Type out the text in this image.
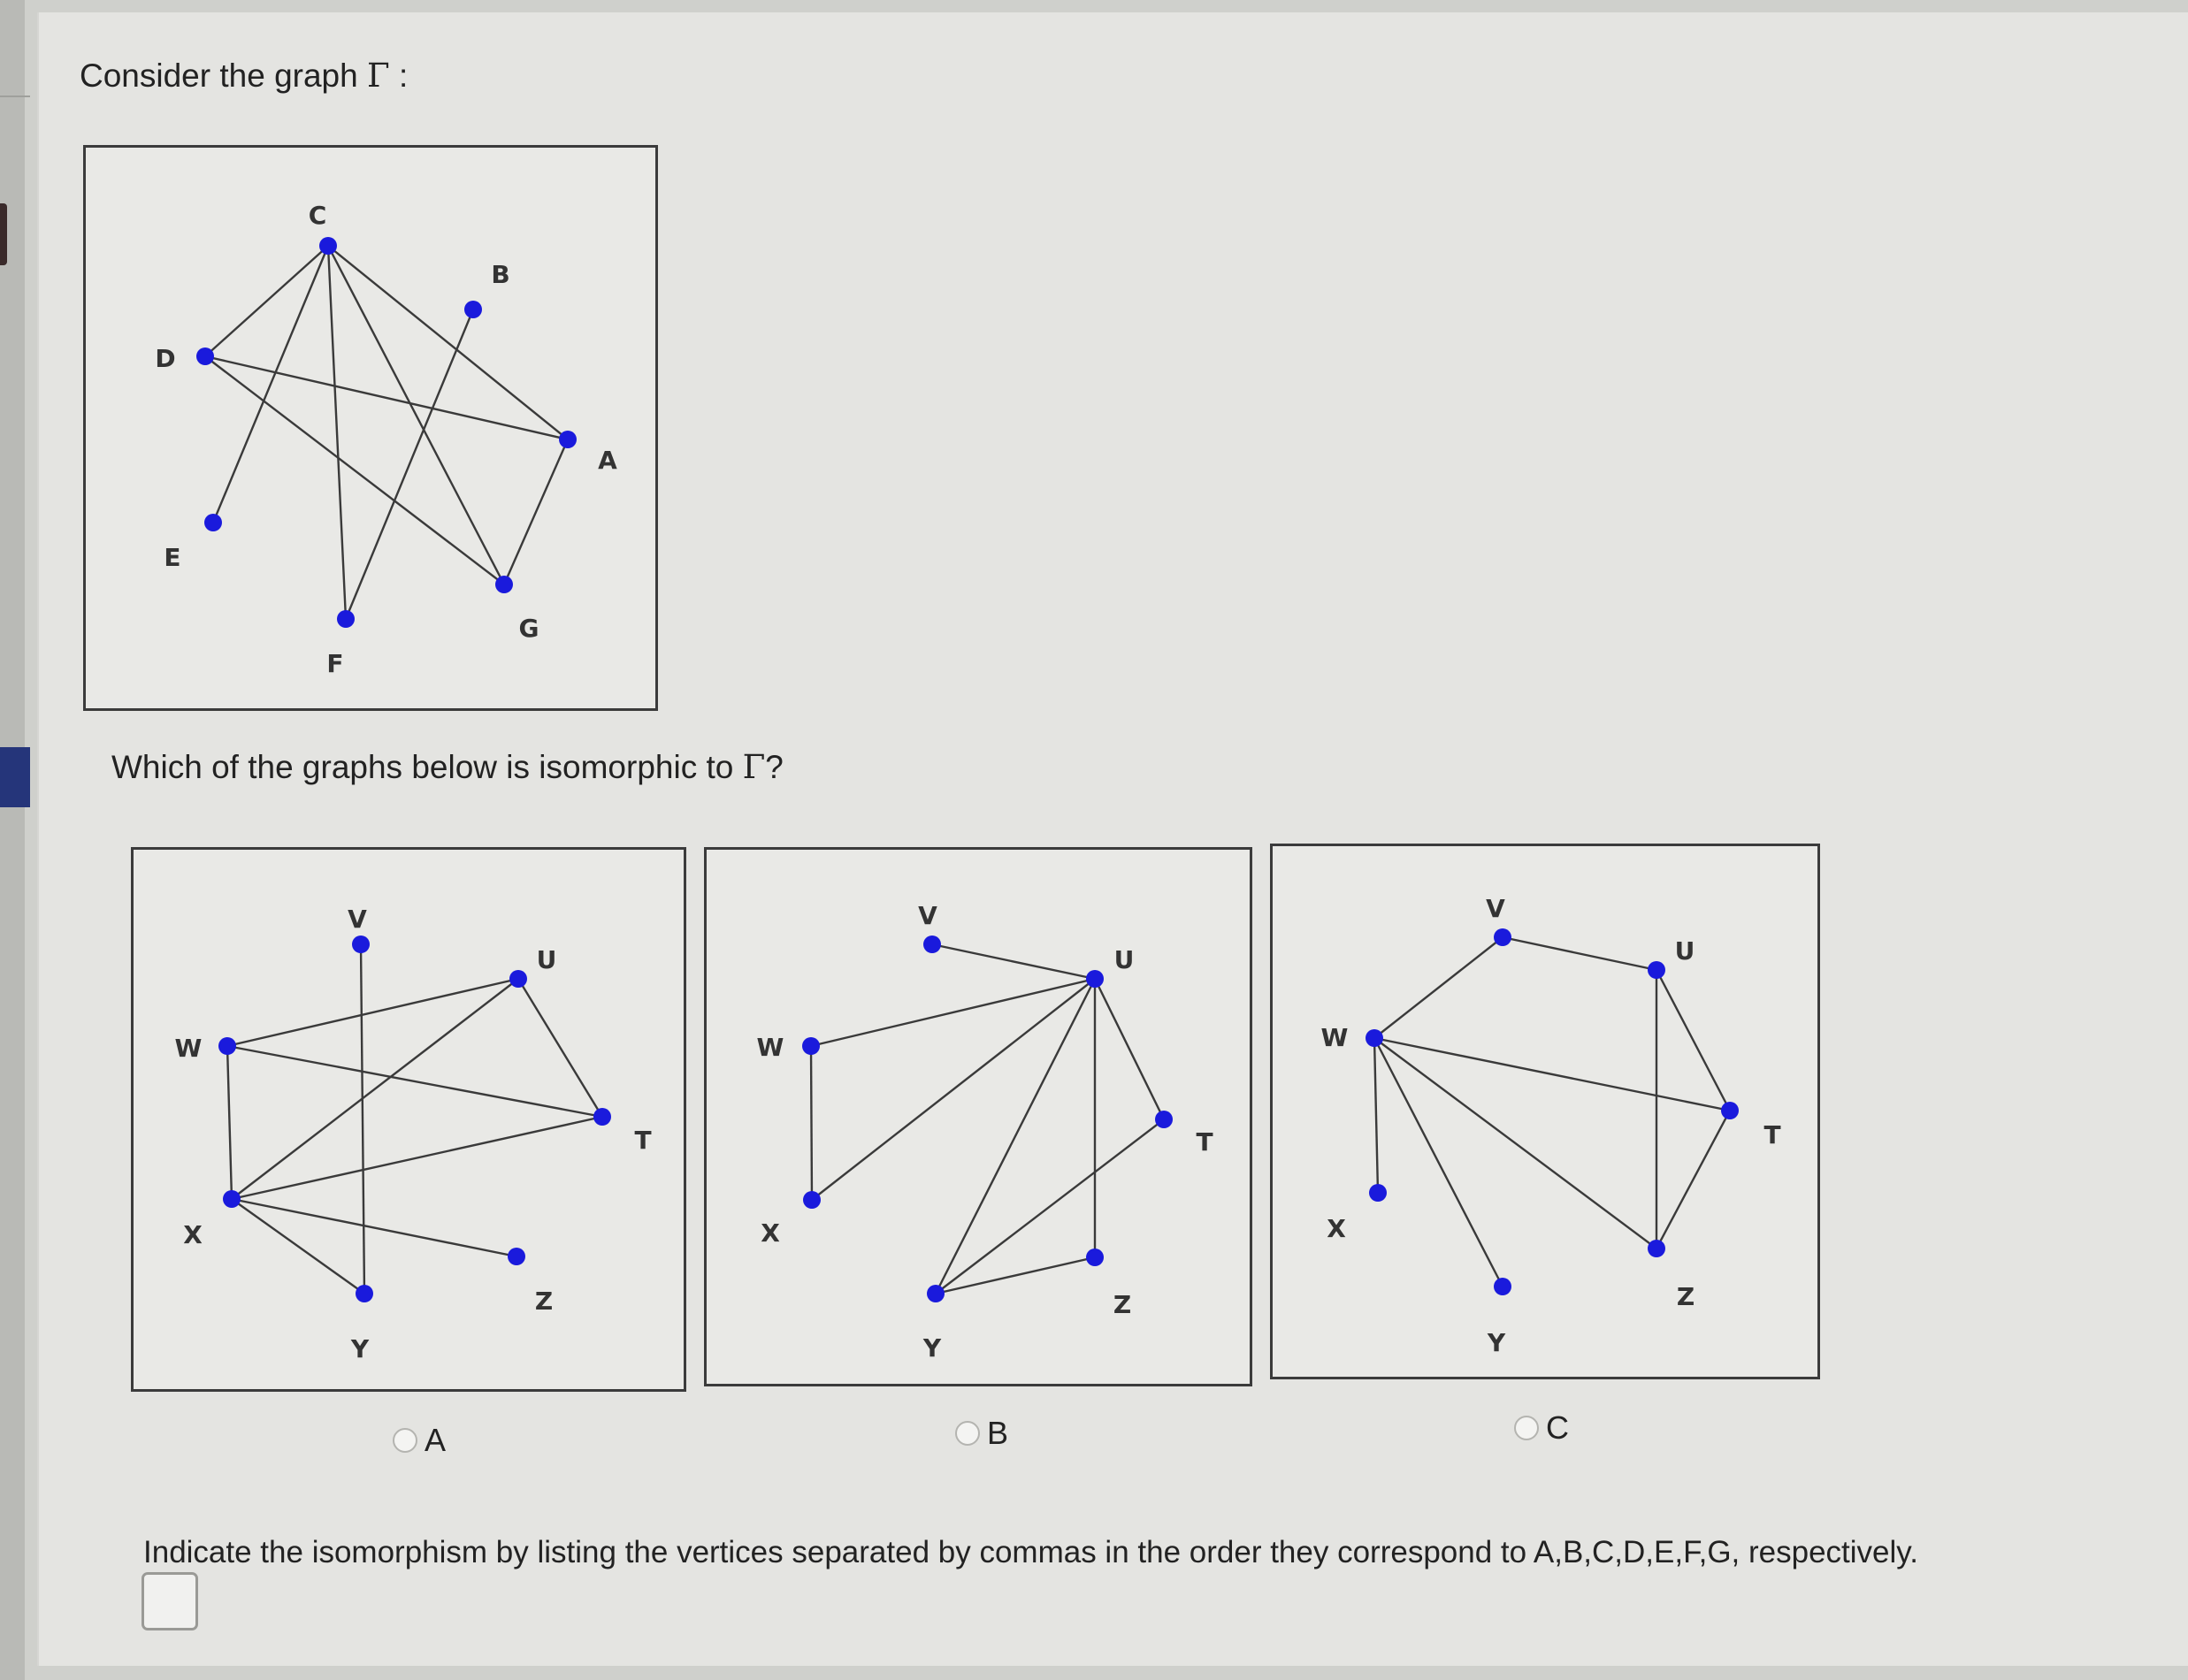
Consider the graph Γ :
A
B
C
D
E
F
G
Which of the graphs below is isomorphic to Γ?
V
U
W
T
X
Z
Y
V
U
W
T
X
Z
Y
V
U
W
T
X
Z
Y
A	B	C
Indicate the isomorphism by listing the vertices separated by commas in the order they correspond to A,B,C,D,E,F,G, respectively.
